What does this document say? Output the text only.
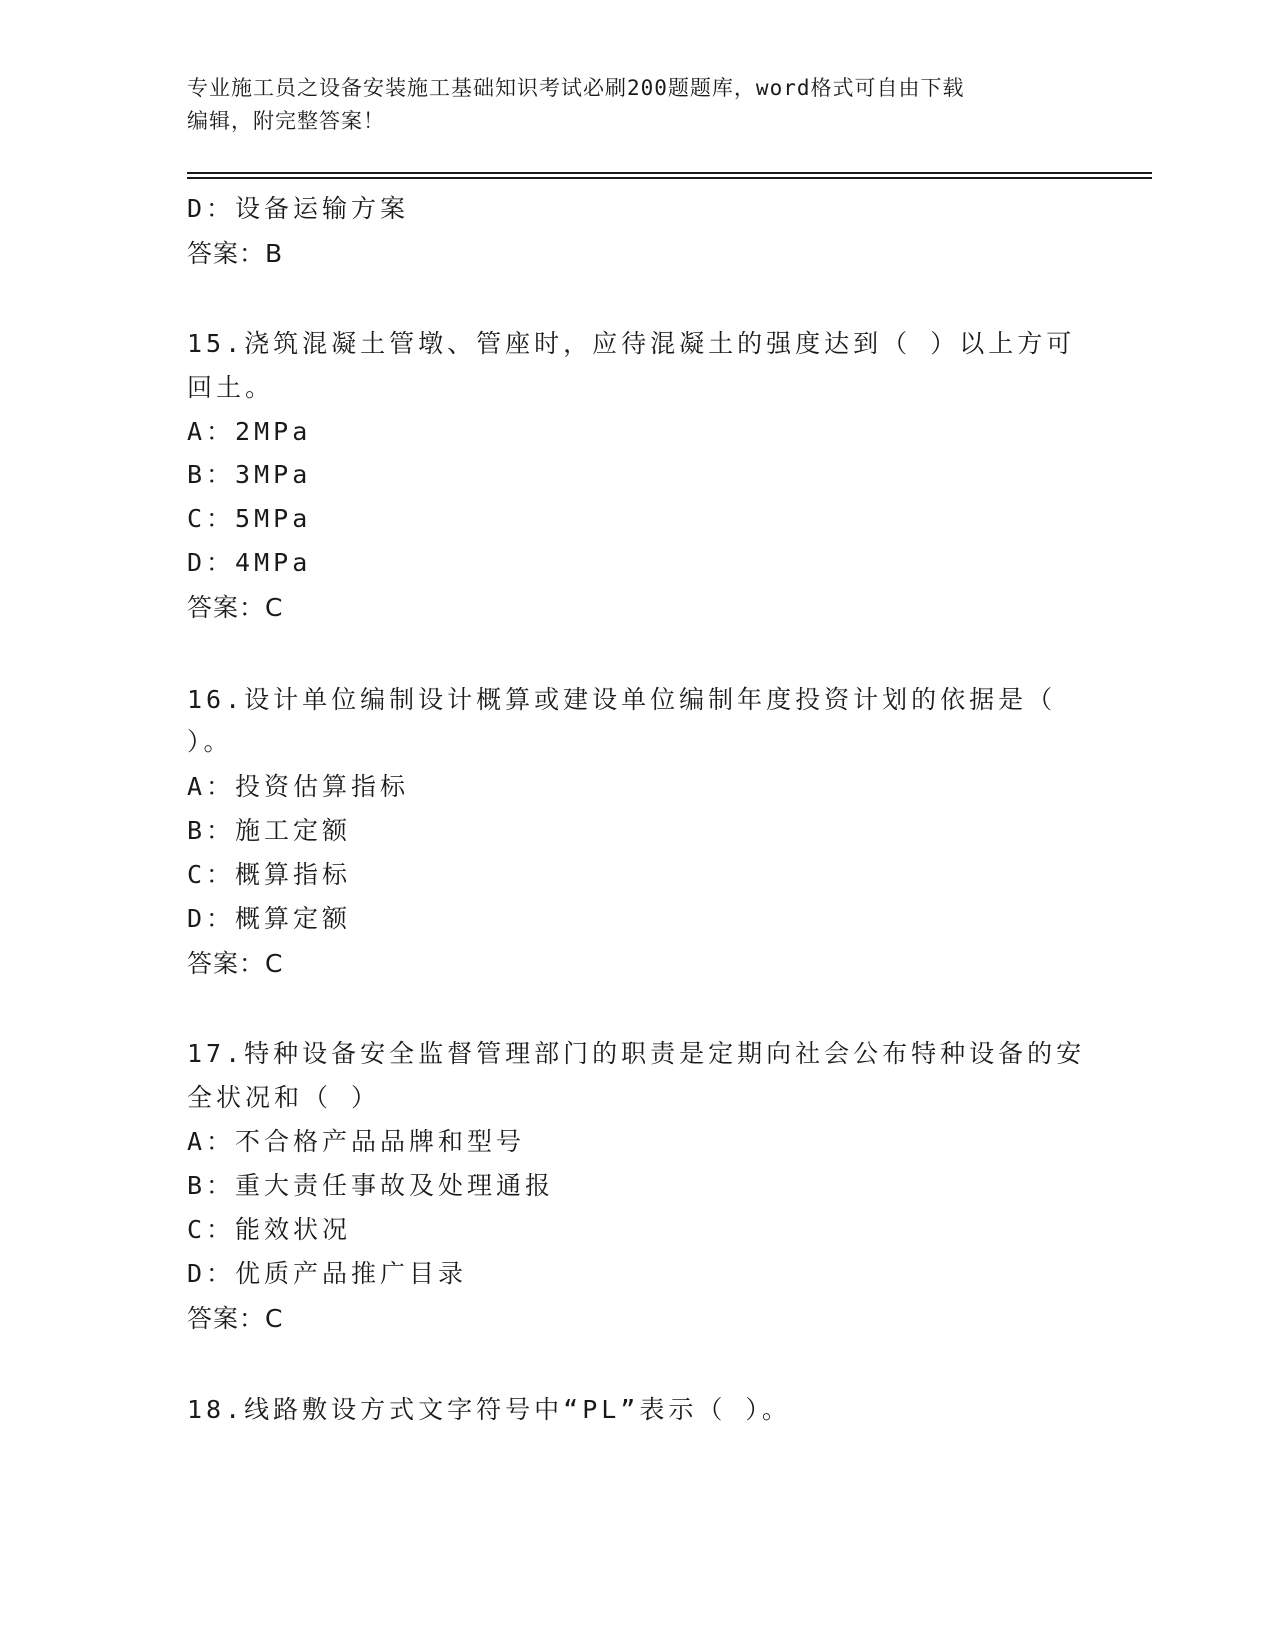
专业施工员之设备安装施工基础知识考试必刷200题题库，word格式可自由下载
编辑，附完整答案！
D：设备运输方案
答案：B
15.浇筑混凝土管墩、管座时，应待混凝土的强度达到（ ）以上方可
回土。
A：2MPa
B：3MPa
C：5MPa
D：4MPa
答案：C
16.设计单位编制设计概算或建设单位编制年度投资计划的依据是（
）。
A：投资估算指标
B：施工定额
C：概算指标
D：概算定额
答案：C
17.特种设备安全监督管理部门的职责是定期向社会公布特种设备的安
全状况和（ ）
A：不合格产品品牌和型号
B：重大责任事故及处理通报
C：能效状况
D：优质产品推广目录
答案：C
18.线路敷设方式文字符号中“PL”表示（ ）。
